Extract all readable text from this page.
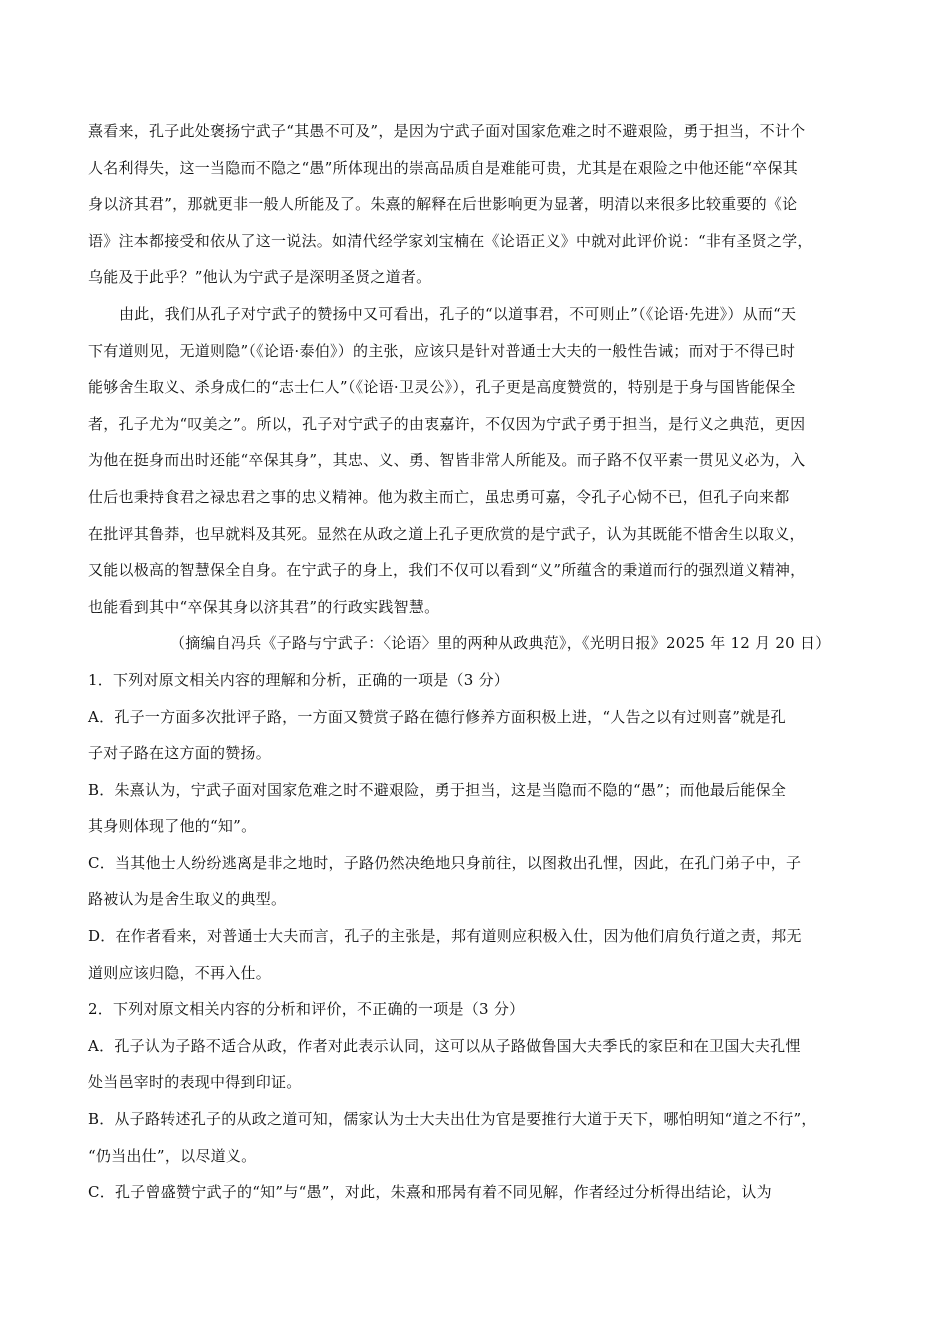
熹看来，孔子此处褒扬宁武子“其愚不可及”，是因为宁武子面对国家危难之时不避艰险，勇于担当，不计个
人名利得失，这一当隐而不隐之“愚”所体现出的崇高品质自是难能可贵，尤其是在艰险之中他还能“卒保其
身以济其君”，那就更非一般人所能及了。朱熹的解释在后世影响更为显著，明清以来很多比较重要的《论
语》注本都接受和依从了这一说法。如清代经学家刘宝楠在《论语正义》中就对此评价说：“非有圣贤之学，
乌能及于此乎？”他认为宁武子是深明圣贤之道者。
由此，我们从孔子对宁武子的赞扬中又可看出，孔子的“以道事君，不可则止”（《论语·先进》）从而“天
下有道则见，无道则隐”（《论语·泰伯》）的主张，应该只是针对普通士大夫的一般性告诫；而对于不得已时
能够舍生取义、杀身成仁的“志士仁人”（《论语·卫灵公》），孔子更是高度赞赏的，特别是于身与国皆能保全
者，孔子尤为“叹美之”。所以，孔子对宁武子的由衷嘉许，不仅因为宁武子勇于担当，是行义之典范，更因
为他在挺身而出时还能“卒保其身”，其忠、义、勇、智皆非常人所能及。而子路不仅平素一贯见义必为，入
仕后也秉持食君之禄忠君之事的忠义精神。他为救主而亡，虽忠勇可嘉，令孔子心恸不已，但孔子向来都
在批评其鲁莽，也早就料及其死。显然在从政之道上孔子更欣赏的是宁武子，认为其既能不惜舍生以取义，
又能以极高的智慧保全自身。在宁武子的身上，我们不仅可以看到“义”所蕴含的秉道而行的强烈道义精神，
也能看到其中“卒保其身以济其君”的行政实践智慧。
（摘编自冯兵《子路与宁武子：〈论语〉里的两种从政典范》，《光明日报》2025 年 12 月 20 日）
1．下列对原文相关内容的理解和分析，正确的一项是（3 分）
A．孔子一方面多次批评子路，一方面又赞赏子路在德行修养方面积极上进，“人告之以有过则喜”就是孔
子对子路在这方面的赞扬。
B．朱熹认为，宁武子面对国家危难之时不避艰险，勇于担当，这是当隐而不隐的“愚”；而他最后能保全
其身则体现了他的“知”。
C．当其他士人纷纷逃离是非之地时，子路仍然决绝地只身前往，以图救出孔悝，因此，在孔门弟子中，子
路被认为是舍生取义的典型。
D．在作者看来，对普通士大夫而言，孔子的主张是，邦有道则应积极入仕，因为他们肩负行道之责，邦无
道则应该归隐，不再入仕。
2．下列对原文相关内容的分析和评价，不正确的一项是（3 分）
A．孔子认为子路不适合从政，作者对此表示认同，这可以从子路做鲁国大夫季氏的家臣和在卫国大夫孔悝
处当邑宰时的表现中得到印证。
B．从子路转述孔子的从政之道可知，儒家认为士大夫出仕为官是要推行大道于天下，哪怕明知“道之不行”，
“仍当出仕”，以尽道义。
C．孔子曾盛赞宁武子的“知”与“愚”，对此，朱熹和邢昺有着不同见解，作者经过分析得出结论，认为
